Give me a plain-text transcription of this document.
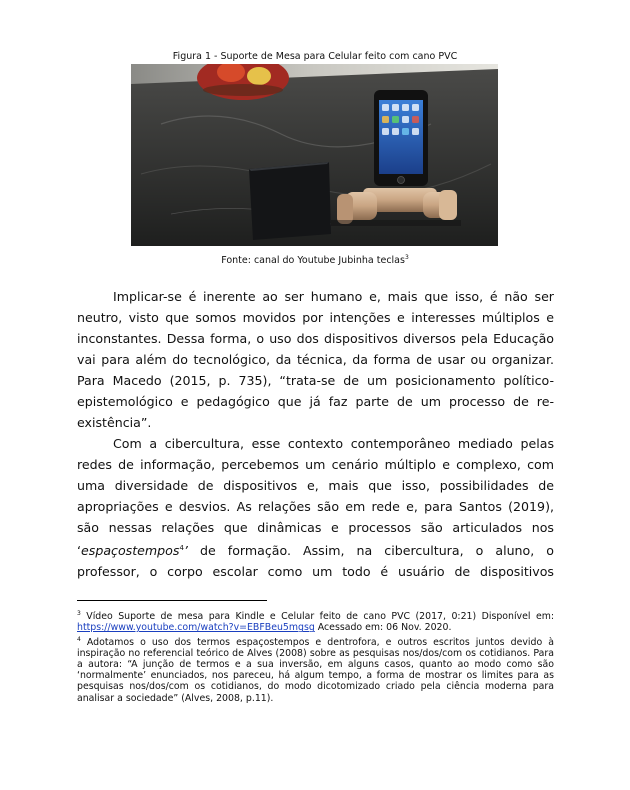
Figura 1 - Suporte de Mesa para Celular feito com cano PVC
Fonte: canal do Youtube Jubinha teclas$^3$

Implicar-se é inerente ao ser humano e, mais que isso, é não ser neutro, visto que somos movidos por intenções e interesses múltiplos e inconstantes. Dessa forma, o uso dos dispositivos diversos pela Educação vai para além do tecnológico, da técnica, da forma de usar ou organizar. Para Macedo (2015, p. 735), “trata-se de um posicionamento político-epistemológico e pedagógico que já faz parte de um processo de re-existência”.

Com a cibercultura, esse contexto contemporâneo mediado pelas redes de informação, percebemos um cenário múltiplo e complexo, com uma diversidade de dispositivos e, mais que isso, possibilidades de apropriações e desvios. As relações são em rede e, para Santos (2019), são nessas relações que dinâmicas e processos são articulados nos ‘espaçostempos$^4$’ de formação. Assim, na cibercultura, o aluno, o professor, o corpo escolar como um todo é usuário de dispositivos

$^3$ Vídeo Suporte de mesa para Kindle e Celular feito de cano PVC (2017, 0:21) Disponível em: https://www.youtube.com/watch?v=EBFBeu5mgsg Acessado em: 06 Nov. 2020.

$^4$ Adotamos o uso dos termos espaçostempos e dentrofora, e outros escritos juntos devido à inspiração no referencial teórico de Alves (2008) sobre as pesquisas nos/dos/com os cotidianos. Para a autora: “A junção de termos e a sua inversão, em alguns casos, quanto ao modo como são ‘normalmente’ enunciados, nos pareceu, há algum tempo, a forma de mostrar os limites para as pesquisas nos/dos/com os cotidianos, do modo dicotomizado criado pela ciência moderna para analisar a sociedade” (Alves, 2008, p.11).
